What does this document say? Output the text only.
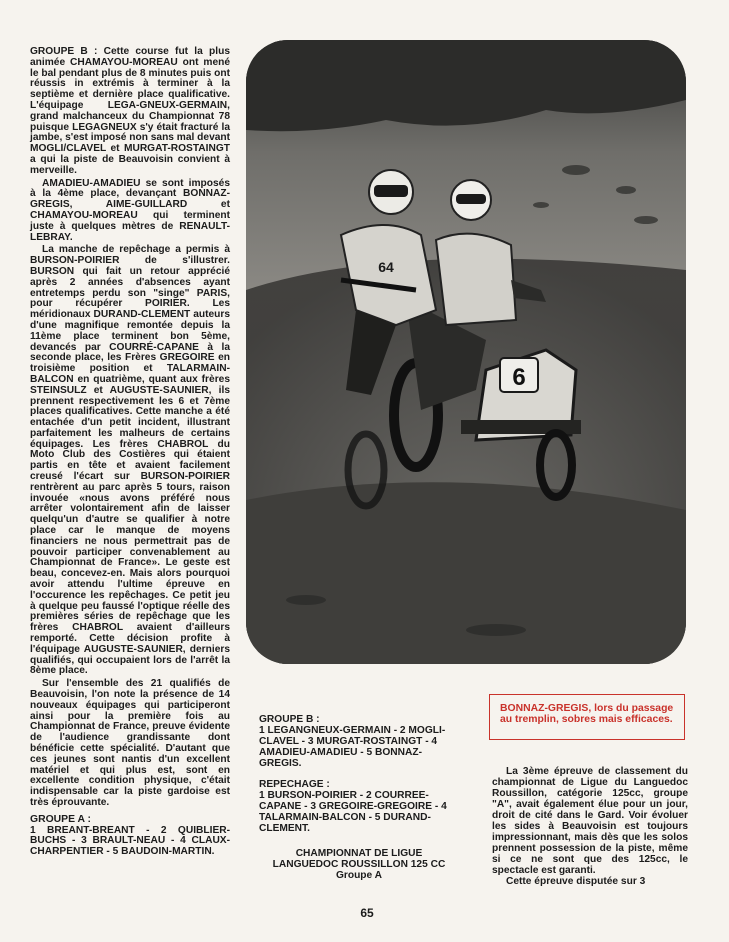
GROUPE B : Cette course fut la plus animée CHAMAYOU-MOREAU ont mené le bal pendant plus de 8 minutes puis ont réussis in extrémis à terminer à la septième et dernière place qualificative. L'équipage LEGA-GNEUX-GERMAIN, grand malchanceux du Championnat 78 puisque LEGAGNEUX s'y était fracturé la jambe, s'est imposé non sans mal devant MOGLI/CLAVEL et MURGAT-ROSTAINGT a qui la piste de Beauvoisin convient à merveille.

AMADIEU-AMADIEU se sont imposés à la 4ème place, devançant BONNAZ-GREGIS, AIME-GUILLARD et CHAMAYOU-MOREAU qui terminent juste à quelques mètres de RENAULT-LEBRAY.

La manche de repêchage a permis à BURSON-POIRIER de s'illustrer. BURSON qui fait un retour apprécié après 2 années d'absences ayant entretemps perdu son "singe" PARIS, pour récupérer POIRIER. Les méridionaux DURAND-CLEMENT auteurs d'une magnifique remontée depuis la 11ème place terminent bon 5ème, devancés par COURRÉ-CAPANE à la seconde place, les Frères GREGOIRE en troisième position et TALARMAIN-BALCON en quatrième, quant aux frères STEINSULZ et AUGUSTE-SAUNIER, ils prennent respectivement les 6 et 7ème places qualificatives. Cette manche a été entachée d'un petit incident, illustrant parfaitement les malheurs de certains équipages. Les frères CHABROL du Moto Club des Costières qui étaient partis en tête et avaient facilement creusé l'écart sur BURSON-POIRIER rentrèrent au parc après 5 tours, raison invouée «nous avons préféré nous arrêter volontairement afin de laisser quelqu'un d'autre se qualifier à notre place car le manque de moyens financiers ne nous permettrait pas de pouvoir participer convenablement au Championnat de France». Le geste est beau, concevez-en. Mais alors pourquoi avoir attendu l'ultime épreuve en l'occurence les repêchages. Ce petit jeu à quelque peu faussé l'optique réelle des premières séries de repêchage que les frères CHABROL avaient d'ailleurs remporté. Cette décision profite à l'équipage AUGUSTE-SAUNIER, derniers qualifiés, qui occupaient lors de l'arrêt la 8ème place.

Sur l'ensemble des 21 qualifiés de Beauvoisin, l'on note la présence de 14 nouveaux équipages qui participeront ainsi pour la première fois au Championnat de France, preuve évidente de l'audience grandissante dont bénéficie cette spécialité. D'autant que ces jeunes sont nantis d'un excellent matériel et qui plus est, sont en excellente condition physique, c'était indispensable car la piste gardoise est très éprouvante.

GROUPE A :

1 BREANT-BREANT - 2 QUIBLIER-BUCHS - 3 BRAULT-NEAU - 4 CLAUX-CHARPENTIER - 5 BAUDOIN-MARTIN.

6
64
BONNAZ-GREGIS, lors du passage au tremplin, sobres mais efficaces.
GROUPE B :
1 LEGANGNEUX-GERMAIN - 2 MOGLI-CLAVEL - 3 MURGAT-ROSTAINGT - 4 AMADIEU-AMADIEU - 5 BONNAZ-GREGIS.
REPECHAGE :
1 BURSON-POIRIER - 2 COURREE-CAPANE - 3 GREGOIRE-GREGOIRE - 4 TALARMAIN-BALCON - 5 DURAND-CLEMENT.
CHAMPIONNAT DE LIGUE
LANGUEDOC ROUSSILLON 125 CC
Groupe A

La 3ème épreuve de classement du championnat de Ligue du Languedoc Roussillon, catégorie 125cc, groupe "A", avait également élue pour un jour, droit de cité dans le Gard. Voir évoluer les sides à Beauvoisin est toujours impressionnant, mais dès que les solos prennent possession de la piste, même si ce ne sont que des 125cc, le spectacle est garanti.

Cette épreuve disputée sur 3

65
